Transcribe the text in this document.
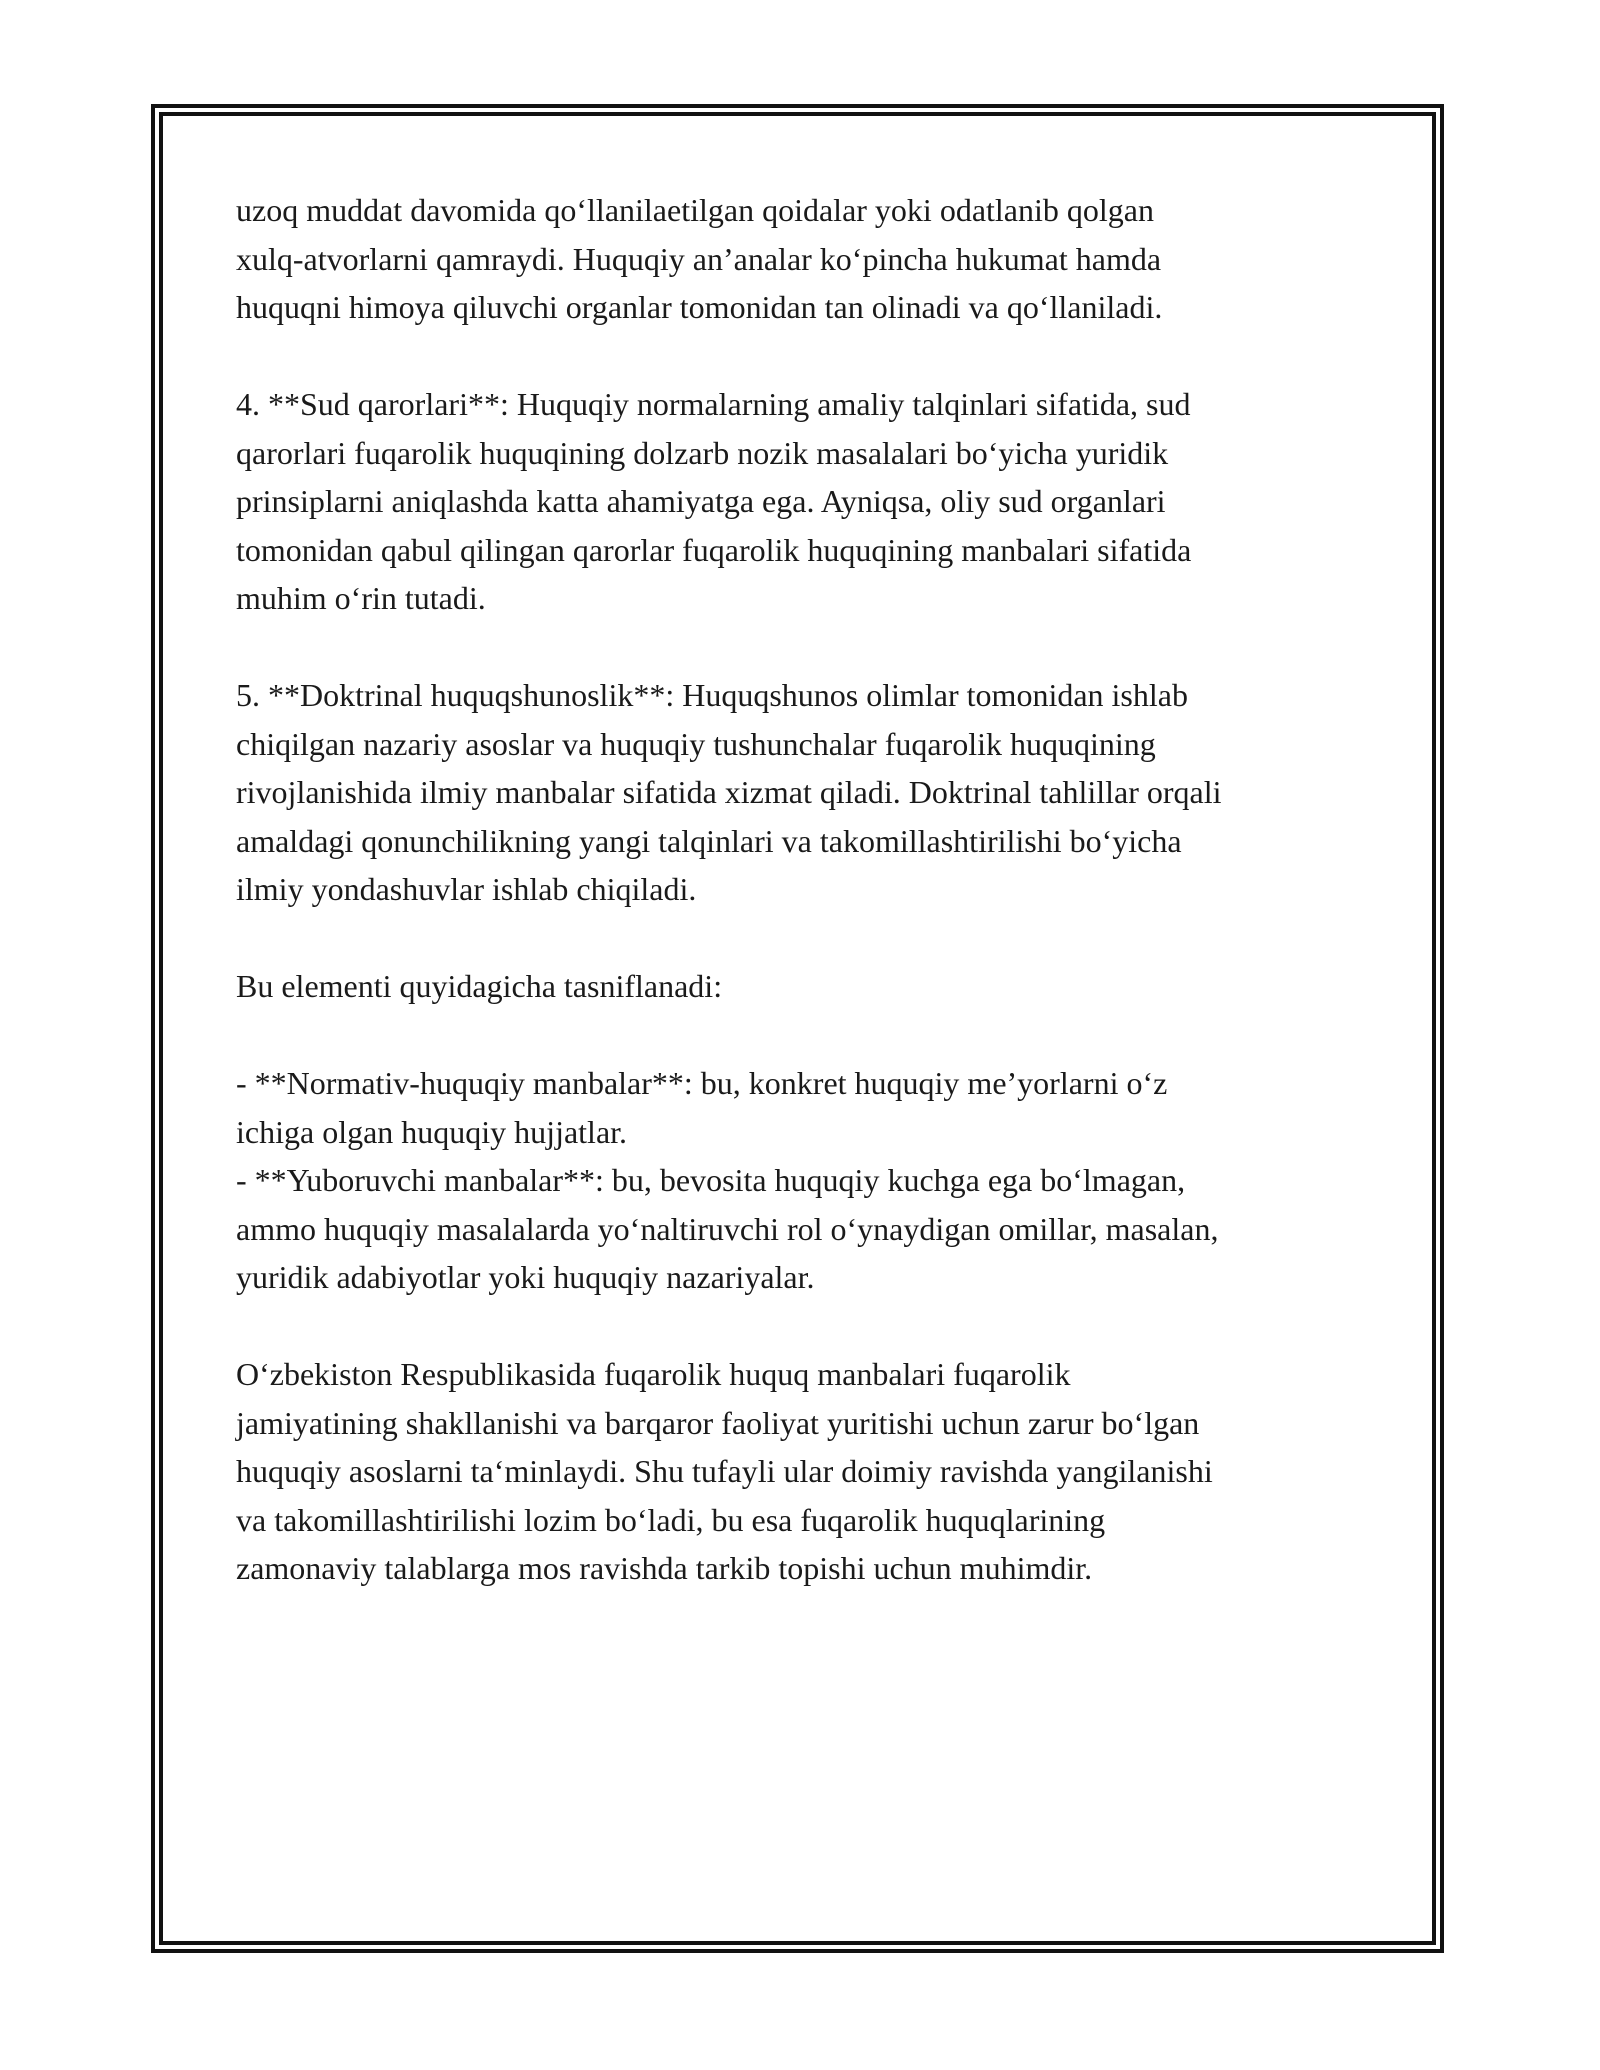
uzoq muddat davomida qo‘llanilaetilgan qoidalar yoki odatlanib qolgan
xulq-atvorlarni qamraydi. Huquqiy an’analar ko‘pincha hukumat hamda
huquqni himoya qiluvchi organlar tomonidan tan olinadi va qo‘llaniladi.

4. **Sud qarorlari**: Huquqiy normalarning amaliy talqinlari sifatida, sud
qarorlari fuqarolik huquqining dolzarb nozik masalalari bo‘yicha yuridik
prinsiplarni aniqlashda katta ahamiyatga ega. Ayniqsa, oliy sud organlari
tomonidan qabul qilingan qarorlar fuqarolik huquqining manbalari sifatida
muhim o‘rin tutadi.

5. **Doktrinal huquqshunoslik**: Huquqshunos olimlar tomonidan ishlab
chiqilgan nazariy asoslar va huquqiy tushunchalar fuqarolik huquqining
rivojlanishida ilmiy manbalar sifatida xizmat qiladi. Doktrinal tahlillar orqali
amaldagi qonunchilikning yangi talqinlari va takomillashtirilishi bo‘yicha
ilmiy yondashuvlar ishlab chiqiladi.

Bu elementi quyidagicha tasniflanadi:

- **Normativ-huquqiy manbalar**: bu, konkret huquqiy me’yorlarni o‘z
ichiga olgan huquqiy hujjatlar.

- **Yuboruvchi manbalar**: bu, bevosita huquqiy kuchga ega bo‘lmagan,
ammo huquqiy masalalarda yo‘naltiruvchi rol o‘ynaydigan omillar, masalan,
yuridik adabiyotlar yoki huquqiy nazariyalar.

O‘zbekiston Respublikasida fuqarolik huquq manbalari fuqarolik
jamiyatining shakllanishi va barqaror faoliyat yuritishi uchun zarur bo‘lgan
huquqiy asoslarni ta‘minlaydi. Shu tufayli ular doimiy ravishda yangilanishi
va takomillashtirilishi lozim bo‘ladi, bu esa fuqarolik huquqlarining
zamonaviy talablarga mos ravishda tarkib topishi uchun muhimdir.
